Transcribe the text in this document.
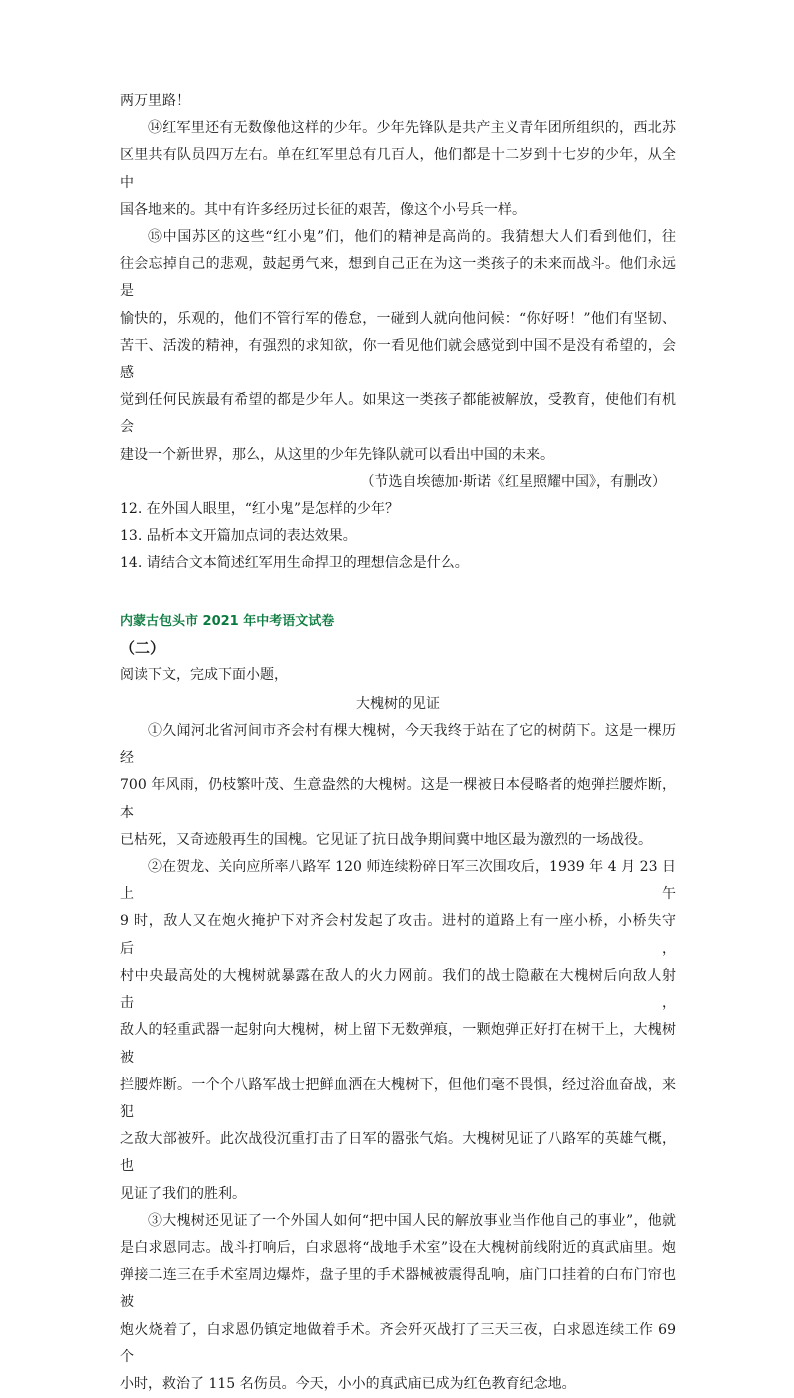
两万里路！

⑭红军里还有无数像他这样的少年。少年先锋队是共产主义青年团所组织的，西北苏

区里共有队员四万左右。单在红军里总有几百人，他们都是十二岁到十七岁的少年，从全中

国各地来的。其中有许多经历过长征的艰苦，像这个小号兵一样。

⑮中国苏区的这些“红小鬼”们，他们的精神是高尚的。我猜想大人们看到他们，往

往会忘掉自己的悲观，鼓起勇气来，想到自己正在为这一类孩子的未来而战斗。他们永远是

愉快的，乐观的，他们不管行军的倦怠，一碰到人就向他问候：“你好呀！”他们有坚韧、

苦干、活泼的精神，有强烈的求知欲，你一看见他们就会感觉到中国不是没有希望的，会感

觉到任何民族最有希望的都是少年人。如果这一类孩子都能被解放，受教育，使他们有机会

建设一个新世界，那么，从这里的少年先锋队就可以看出中国的未来。

（节选自埃德加·斯诺《红星照耀中国》，有删改）

12. 在外国人眼里，“红小鬼”是怎样的少年？

13. 品析本文开篇加点词的表达效果。

14. 请结合文本简述红军用生命捍卫的理想信念是什么。

内蒙古包头市 2021 年中考语文试卷

（二）

阅读下文，完成下面小题，

大槐树的见证

①久闻河北省河间市齐会村有棵大槐树，今天我终于站在了它的树荫下。这是一棵历经

700 年风雨，仍枝繁叶茂、生意盎然的大槐树。这是一棵被日本侵略者的炮弹拦腰炸断，本

已枯死，又奇迹般再生的国槐。它见证了抗日战争期间冀中地区最为激烈的一场战役。

②在贺龙、关向应所率八路军 120 师连续粉碎日军三次围攻后，1939 年 4 月 23 日上午

9 时，敌人又在炮火掩护下对齐会村发起了攻击。进村的道路上有一座小桥，小桥失守后，

村中央最高处的大槐树就暴露在敌人的火力网前。我们的战士隐蔽在大槐树后向敌人射击，

敌人的轻重武器一起射向大槐树，树上留下无数弹痕，一颗炮弹正好打在树干上，大槐树被

拦腰炸断。一个个八路军战士把鲜血洒在大槐树下，但他们毫不畏惧，经过浴血奋战，来犯

之敌大部被歼。此次战役沉重打击了日军的嚣张气焰。大槐树见证了八路军的英雄气概，也

见证了我们的胜利。

③大槐树还见证了一个外国人如何“把中国人民的解放事业当作他自己的事业”，他就

是白求恩同志。战斗打响后，白求恩将“战地手术室”设在大槐树前线附近的真武庙里。炮

弹接二连三在手术室周边爆炸，盘子里的手术器械被震得乱响，庙门口挂着的白布门帘也被

炮火烧着了，白求恩仍镇定地做着手术。齐会歼灭战打了三天三夜，白求恩连续工作 69 个

小时，救治了 115 名伤员。今天，小小的真武庙已成为红色教育纪念地。
